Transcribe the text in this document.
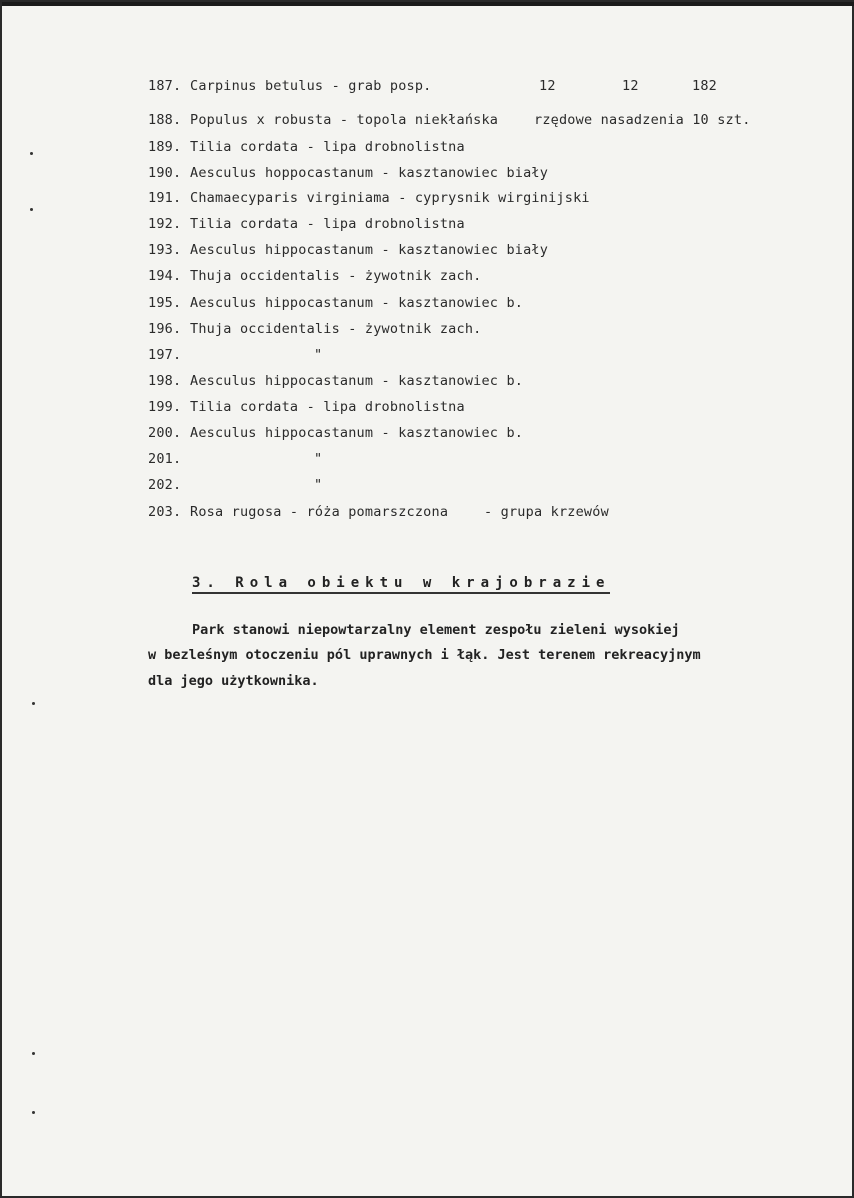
187. Carpinus betulus - grab posp.	12	12	182
188. Populus x robusta - topola niekłańska	rzędowe nasadzenia 10 szt.
189. Tilia cordata - lipa drobnolistna
190. Aesculus hoppocastanum - kasztanowiec biały
191. Chamaecyparis virginiama - cyprysnik wirginijski
192. Tilia cordata - lipa drobnolistna
193. Aesculus hippocastanum - kasztanowiec biały
194. Thuja occidentalis - żywotnik zach.
195. Aesculus hippocastanum - kasztanowiec b.
196. Thuja occidentalis - żywotnik zach.
197.	"
198. Aesculus hippocastanum - kasztanowiec b.
199. Tilia cordata - lipa drobnolistna
200. Aesculus hippocastanum - kasztanowiec b.
201.	"
202.	"
203. Rosa rugosa - róża pomarszczona	- grupa krzewów
3. Rola obiektu w krajobrazie
Park stanowi niepowtarzalny element zespołu zieleni wysokiej
w bezleśnym otoczeniu pól uprawnych i łąk. Jest terenem rekreacyjnym
dla jego użytkownika.
